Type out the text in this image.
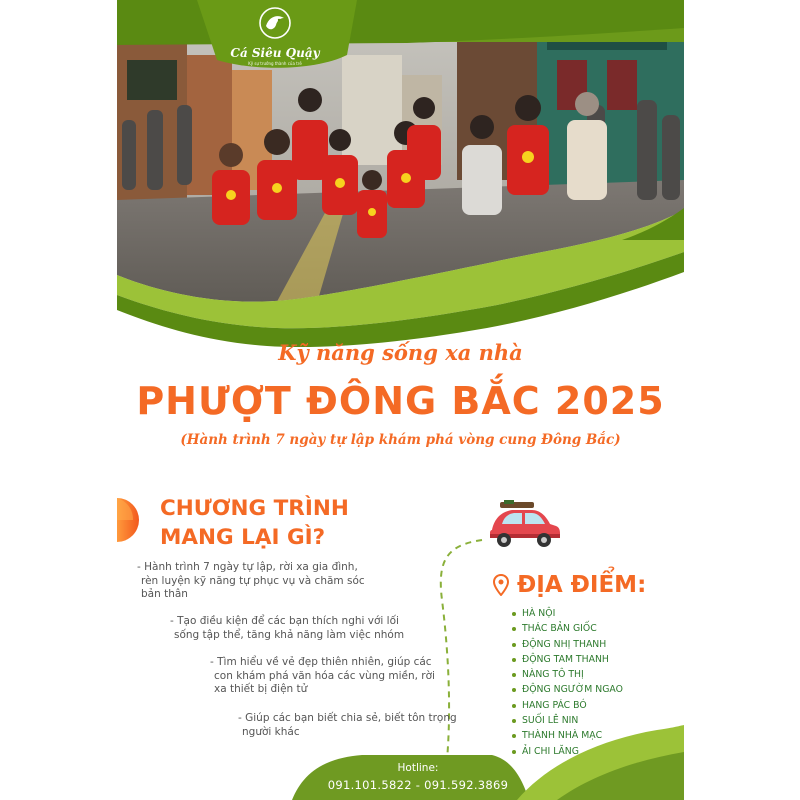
Cá Siêu Quậy
Kỹ sự trưởng thành của trẻ
Kỹ năng sống xa nhà
PHƯỢT ĐÔNG BẮC 2025
(Hành trình 7 ngày tự lập khám phá vòng cung Đông Bắc)
CHƯƠNG TRÌNH
MANG LẠI GÌ?
- Hành trình 7 ngày tự lập, rời xa gia đình,
rèn luyện kỹ năng tự phục vụ và chăm sóc
bản thân
- Tạo điều kiện để các bạn thích nghi với lối
sống tập thể, tăng khả năng làm việc nhóm
- Tìm hiểu về vẻ đẹp thiên nhiên, giúp các
con khám phá văn hóa các vùng miền, rời
xa thiết bị điện tử
- Giúp các bạn biết chia sẻ, biết tôn trọng
người khác
ĐỊA ĐIỂM:
HÀ NỘI
THÁC BẢN GIỐC
ĐỘNG NHỊ THANH
ĐỘNG TAM THANH
NÀNG TÔ THỊ
ĐỘNG NGƯỜM NGAO
HANG PÁC BÓ
SUỐI LÊ NIN
THÀNH NHÀ MẠC
ẢI CHI LĂNG
Hotline:
091.101.5822 - 091.592.3869
